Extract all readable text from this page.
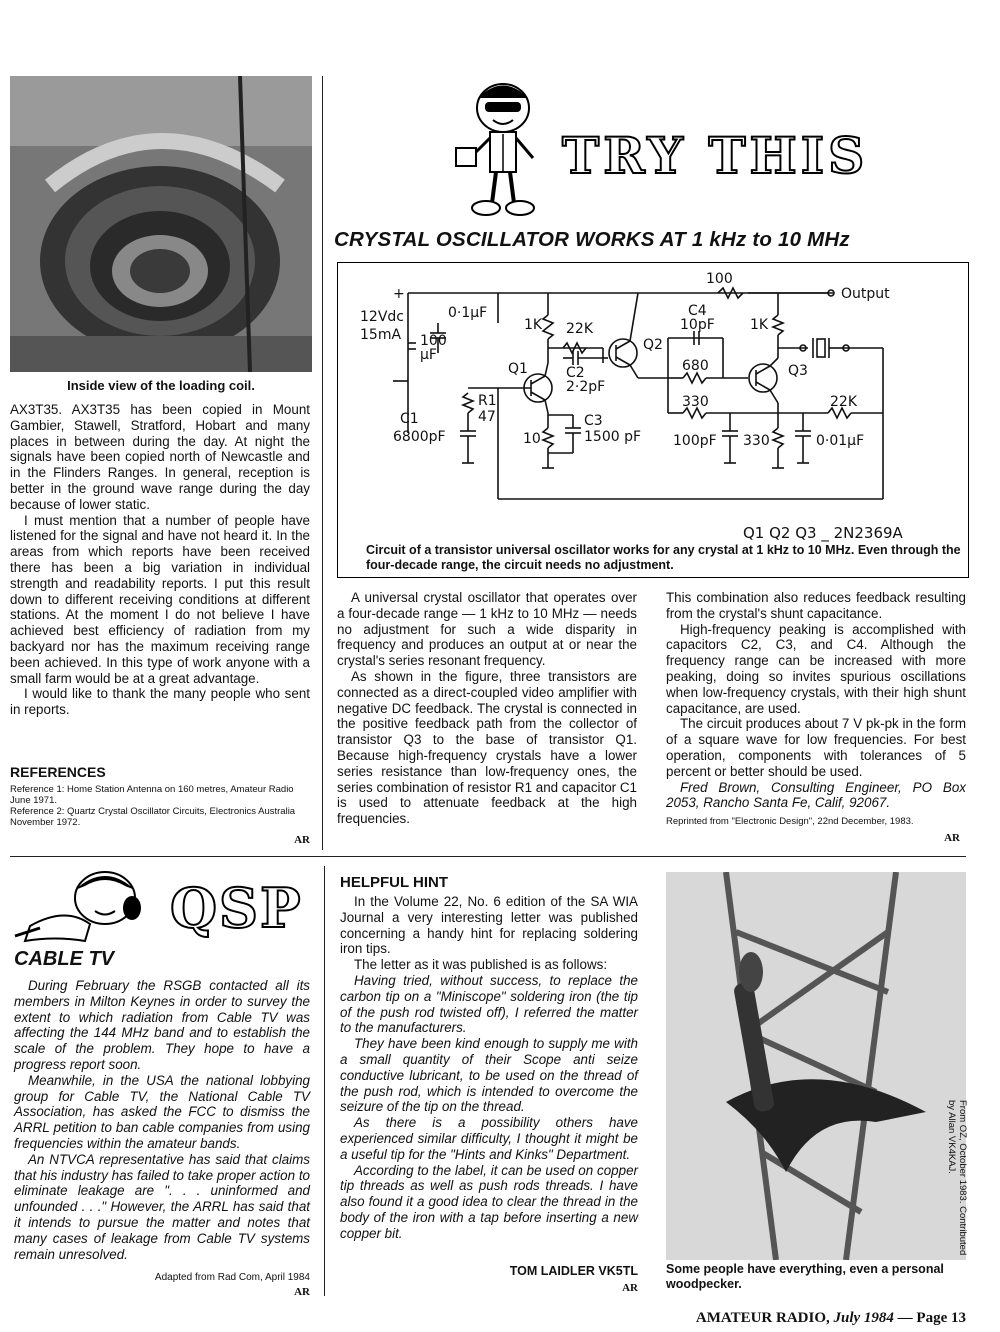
Inside view of the loading coil.

AX3T35. AX3T35 has been copied in Mount Gambier, Stawell, Stratford, Hobart and many places in between during the day. At night the signals have been copied north of Newcastle and in the Flinders Ranges. In general, reception is better in the ground wave range during the day because of lower static.

I must mention that a number of people have listened for the signal and have not heard it. In the areas from which reports have been received there has been a big variation in individual strength and readability reports. I put this result down to different receiving conditions at different stations. At the moment I do not believe I have achieved best efficiency of radiation from my backyard nor has the maximum receiving range been achieved. In this type of work anyone with a small farm would be at a great advantage.

I would like to thank the many people who sent in reports.

REFERENCES
Reference 1: Home Station Antenna on 160 metres, Amateur Radio June 1971.
Reference 2: Quartz Crystal Oscillator Circuits, Electronics Australia November 1972.
AR
TRY THIS
CRYSTAL OSCILLATOR WORKS AT 1 kHz to 10 MHz
+
-
12Vdc
15mA
0·1µF
100
µF
1K 22K
C2
2·2pF
Q1
Q2
Q3
R1
47
C1
6800pF	10
C3
1500 pF
100
Output
C4
10pF
680
330
100pF 330
1K
22K
0·01µF
Q1 Q2 Q3 _ 2N2369A
Circuit of a transistor universal oscillator works for any crystal at 1 kHz to 10 MHz. Even through the four-decade range, the circuit needs no adjustment.

A universal crystal oscillator that operates over a four-decade range — 1 kHz to 10 MHz — needs no adjustment for such a wide disparity in frequency and produces an output at or near the crystal's series resonant frequency.

As shown in the figure, three transistors are connected as a direct-coupled video amplifier with negative DC feedback. The crystal is connected in the positive feedback path from the collector of transistor Q3 to the base of transistor Q1. Because high-frequency crystals have a lower series resistance than low-frequency ones, the series combination of resistor R1 and capacitor C1 is used to attenuate feedback at the high frequencies.

This combination also reduces feedback resulting from the crystal's shunt capacitance.

High-frequency peaking is accomplished with capacitors C2, C3, and C4. Although the frequency range can be increased with more peaking, doing so invites spurious oscillations when low-frequency crystals, with their high shunt capacitance, are used.

The circuit produces about 7 V pk-pk in the form of a square wave for low frequencies. For best operation, components with tolerances of 5 percent or better should be used.

Fred Brown, Consulting Engineer, PO Box 2053, Rancho Santa Fe, Calif, 92067.

Reprinted from "Electronic Design", 22nd December, 1983.
AR
QSP
CABLE TV

During February the RSGB contacted all its members in Milton Keynes in order to survey the extent to which radiation from Cable TV was affecting the 144 MHz band and to establish the scale of the problem. They hope to have a progress report soon.

Meanwhile, in the USA the national lobbying group for Cable TV, the National Cable TV Association, has asked the FCC to dismiss the ARRL petition to ban cable companies from using frequencies within the amateur bands.

An NTVCA representative has said that claims that his industry has failed to take proper action to eliminate leakage are ". . . uninformed and unfounded . . ." However, the ARRL has said that it intends to pursue the matter and notes that many cases of leakage from Cable TV systems remain unresolved.

Adapted from Rad Com, April 1984
AR
HELPFUL HINT

In the Volume 22, No. 6 edition of the SA WIA Journal a very interesting letter was published concerning a handy hint for replacing soldering iron tips.

The letter as it was published is as follows:

Having tried, without success, to replace the carbon tip on a "Miniscope" soldering iron (the tip of the push rod twisted off), I referred the matter to the manufacturers.

They have been kind enough to supply me with a small quantity of their Scope anti seize conductive lubricant, to be used on the thread of the push rod, which is intended to overcome the seizure of the tip on the thread.

As there is a possibility others have experienced similar difficulty, I thought it might be a useful tip for the "Hints and Kinks" Department.

According to the label, it can be used on copper tip threads as well as push rods threads. I have also found it a good idea to clear the thread in the body of the iron with a tap before inserting a new copper bit.

TOM LAIDLER VK5TL
AR
From OZ, October 1983. Contributed by Allan VK4KAJ.
Some people have everything, even a personal woodpecker.
AMATEUR RADIO, July 1984 — Page 13
